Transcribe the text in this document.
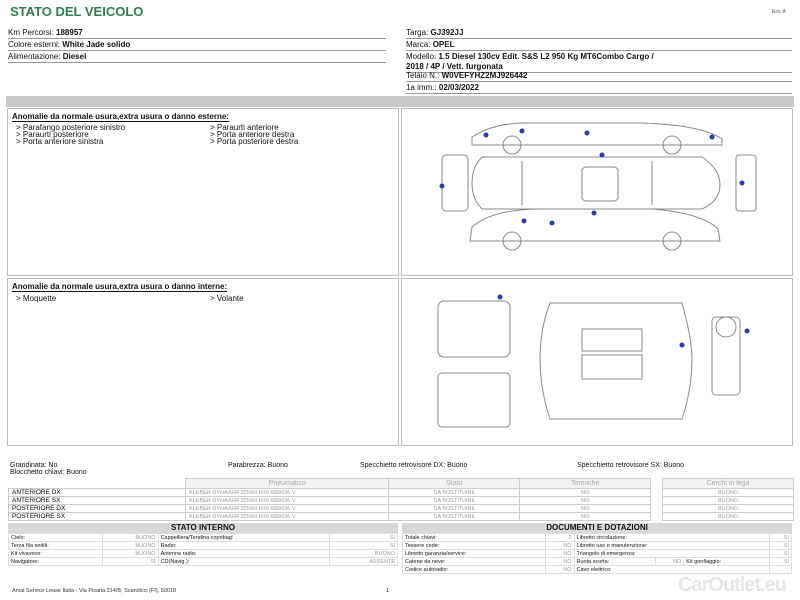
STATO DEL VEICOLO	Rev. A
Km Percorsi: 188957
Colore esterni: White Jade solido
Alimentazione: Diesel
Targa: GJ392JJ
Marca: OPEL
Modello: 1.5 Diesel 130cv Edit. S&S L2 950 Kg MT6Combo Cargo /
2018 / 4P / Vett. furgonata
Telaio N.: W0VEFYHZ2MJ926442
1a imm.: 02/03/2022
Anomalie da normale usura,extra usura o danno esterne:
> Parafango posteriore sinistro
> Paraurti posteriore
> Porta anteriore sinistra
> Paraurti anteriore
> Porta anteriore destra
> Porta posteriore destra
Anomalie da normale usura,extra usura o danno interne:
> Moquette	> Volante
Grandinata: No	Parabrezza: Buono	Specchietto retrovisore DX: Buono	Specchietto retrovisore SX: Buono
Blocchetto chiavi: Buono
	Pneumatico	Stato	Termiche		Cerchi in lega
ANTERIORE DX	KLEBER DYNAXER 205/60 R16 000/096 V	DA SOSTITUIRE	NO		BUONO
ANTERIORE SX	KLEBER DYNAXER 205/60 R16 000/096 V	DA SOSTITUIRE	NO		BUONO
POSTERIORE DX	KLEBER DYNAXER 205/60 R16 000/096 V	DA SOSTITUIRE	NO		BUONO
POSTERIORE SX	KLEBER DYNAXER 205/60 R16 000/096 V	DA SOSTITUIRE	NO		BUONO
STATO INTERNO
Cielo:	BUONO	Cappelliera/Tendina copribag:	SI
Terza fila sedili:	BUONO	Radio:	SI
Kit vivavoce:	BUONO	Antenna radio:	BUONO
Navigatore:	SI	CD(Navig.):	ASSENTE
DOCUMENTI E DOTAZIONI
Totale chiavi:	2	Libretto circolazione:			SI
Tessere code:	NO	Libretto uso e manutenzione:			SI
Libretto garanzia/service:	NO	Triangolo di emergenza:			SI
Catene da neve:	NO	Ruota scorta:	NO	Kit gonfiaggio:	SI
Codice autoradio:	NO	Cavo elettrico:			
Arval Service Lease Italia - Via Pisana 314/B, Scandicci (FI), 50018	1	CarOutlet.eu
